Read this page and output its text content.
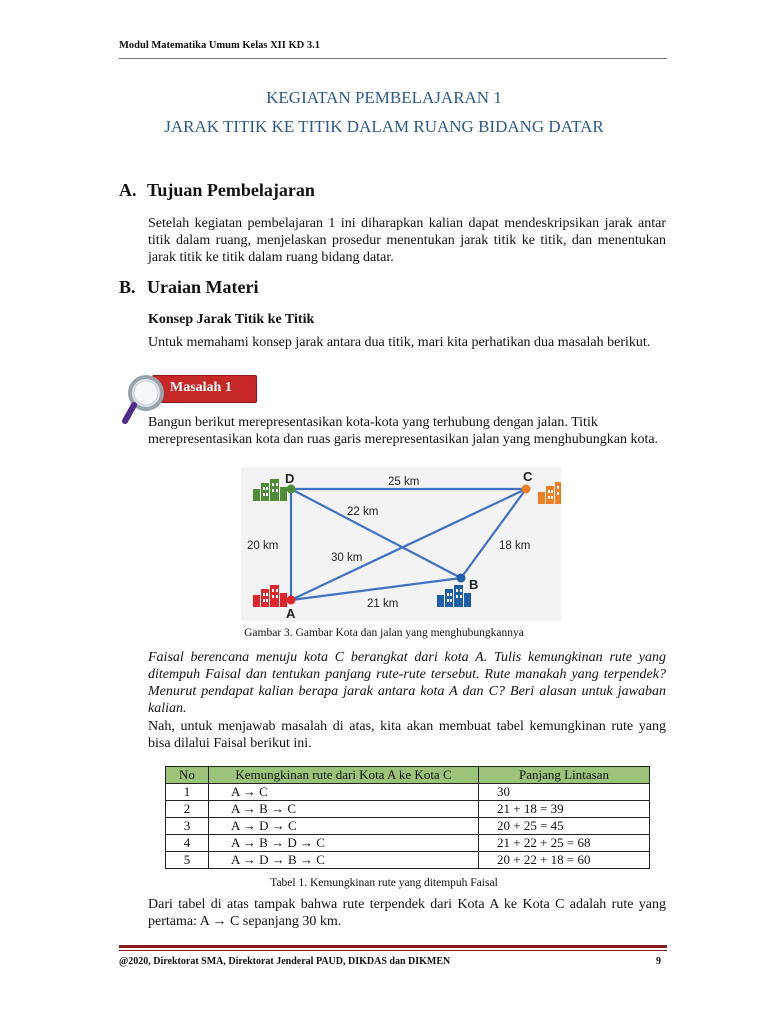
Modul Matematika Umum Kelas XII KD 3.1
KEGIATAN PEMBELAJARAN 1
JARAK TITIK KE TITIK DALAM RUANG BIDANG DATAR
A. Tujuan Pembelajaran
Setelah kegiatan pembelajaran 1 ini diharapkan kalian dapat mendeskripsikan jarak antar titik dalam ruang, menjelaskan prosedur menentukan jarak titik ke titik, dan menentukan jarak titik ke titik dalam ruang bidang datar.
B. Uraian Materi
Konsep Jarak Titik ke Titik
Untuk memahami konsep jarak antara dua titik, mari kita perhatikan dua masalah berikut.
Masalah 1
Bangun berikut merepresentasikan kota-kota yang terhubung dengan jalan. Titik merepresentasikan kota dan ruas garis merepresentasikan jalan yang menghubungkan kota.
D	C
A
B
25 km
22 km
20 km
30 km
18 km
21 km
Gambar 3. Gambar Kota dan jalan yang menghubungkannya
Faisal berencana menuju kota C berangkat dari kota A. Tulis kemungkinan rute yang ditempuh Faisal dan tentukan panjang rute-rute tersebut. Rute manakah yang terpendek? Menurut pendapat kalian berapa jarak antara kota A dan C? Beri alasan untuk jawaban kalian.
Nah, untuk menjawab masalah di atas, kita akan membuat tabel kemungkinan rute yang bisa dilalui Faisal berikut ini.
No	Kemungkinan rute dari Kota A ke Kota C	Panjang Lintasan
1	A → C	30
2	A → B → C	21 + 18 = 39
3	A → D → C	20 + 25 = 45
4	A → B → D → C	21 + 22 + 25 = 68
5	A → D → B → C	20 + 22 + 18 = 60
Tabel 1. Kemungkinan rute yang ditempuh Faisal
Dari tabel di atas tampak bahwa rute terpendek dari Kota A ke Kota C adalah rute yang pertama: A → C sepanjang 30 km.
@2020, Direktorat SMA, Direktorat Jenderal PAUD, DIKDAS dan DIKMEN	9
